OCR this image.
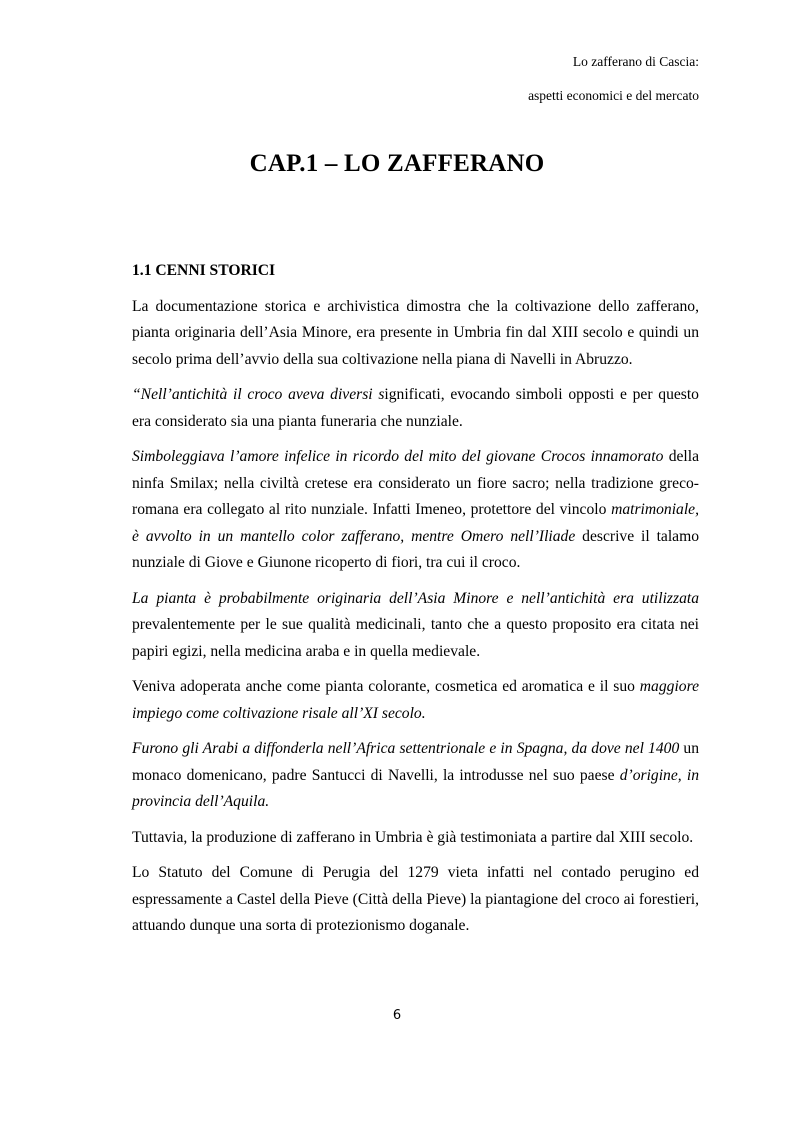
Lo zafferano di Cascia:
aspetti economici e del mercato
CAP.1 – LO ZAFFERANO
1.1 CENNI STORICI

La documentazione storica e archivistica dimostra che la coltivazione dello zafferano, pianta originaria dell’Asia Minore, era presente in Umbria fin dal XIII secolo e quindi un secolo prima dell’avvio della sua coltivazione nella piana di Navelli in Abruzzo.

“Nell’antichità il croco aveva diversi significati, evocando simboli opposti e per questo era considerato sia una pianta funeraria che nunziale.

Simboleggiava l’amore infelice in ricordo del mito del giovane Crocos innamorato della ninfa Smilax; nella civiltà cretese era considerato un fiore sacro; nella tradizione greco-romana era collegato al rito nunziale. Infatti Imeneo, protettore del vincolo matrimoniale, è avvolto in un mantello color zafferano, mentre Omero nell’Iliade descrive il talamo nunziale di Giove e Giunone ricoperto di fiori, tra cui il croco.

La pianta è probabilmente originaria dell’Asia Minore e nell’antichità era utilizzata prevalentemente per le sue qualità medicinali, tanto che a questo proposito era citata nei papiri egizi, nella medicina araba e in quella medievale.

Veniva adoperata anche come pianta colorante, cosmetica ed aromatica e il suo maggiore impiego come coltivazione risale all’XI secolo.

Furono gli Arabi a diffonderla nell’Africa settentrionale e in Spagna, da dove nel 1400 un monaco domenicano, padre Santucci di Navelli, la introdusse nel suo paese d’origine, in provincia dell’Aquila.

Tuttavia, la produzione di zafferano in Umbria è già testimoniata a partire dal XIII secolo.

Lo Statuto del Comune di Perugia del 1279 vieta infatti nel contado perugino ed espressamente a Castel della Pieve (Città della Pieve) la piantagione del croco ai forestieri, attuando dunque una sorta di protezionismo doganale.

6
